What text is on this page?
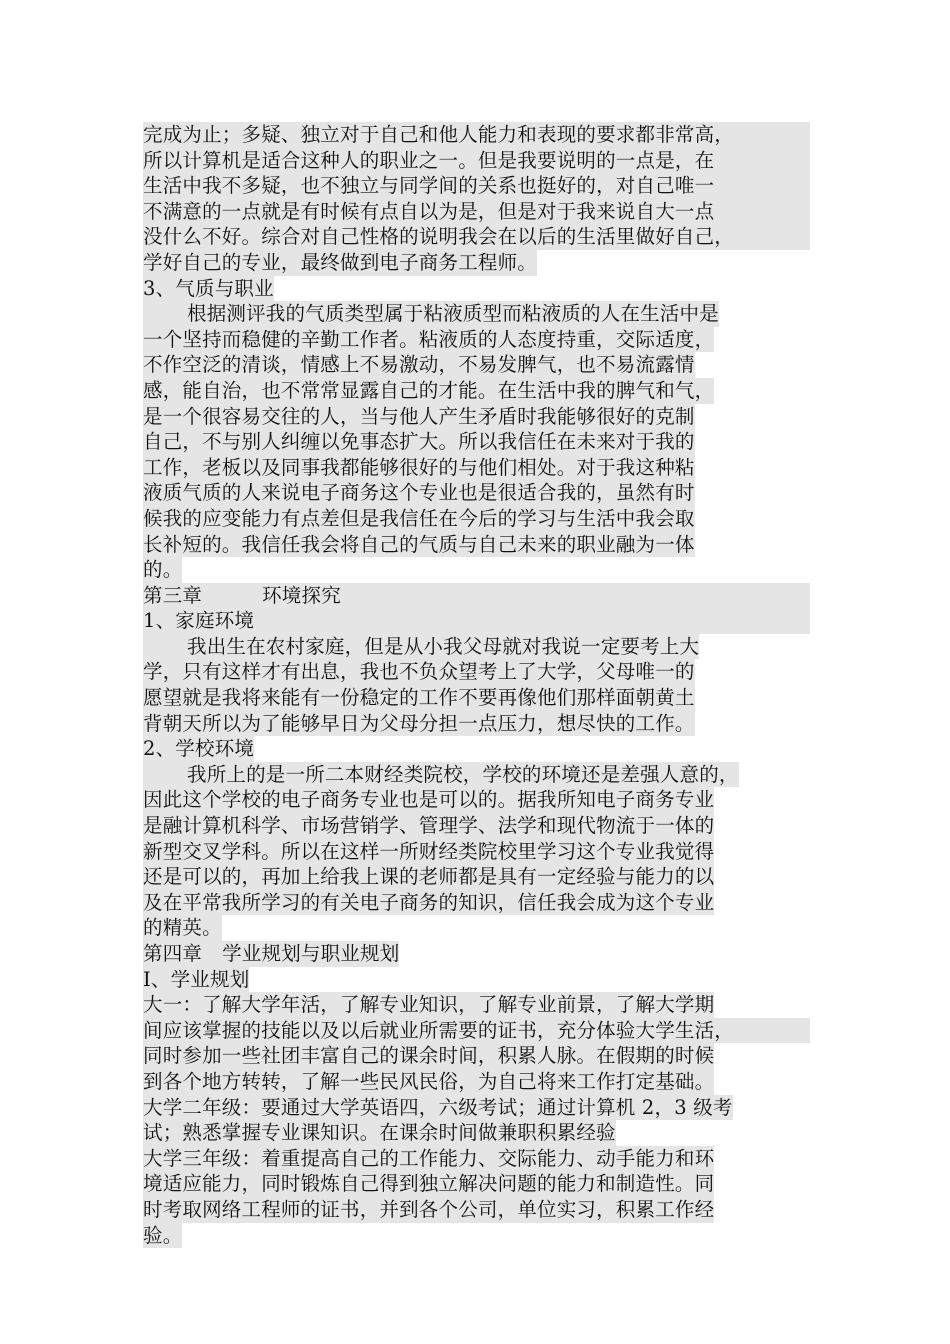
完成为止；多疑、独立对于自己和他人能力和表现的要求都非常高，
所以计算机是适合这种人的职业之一。但是我要说明的一点是，在
生活中我不多疑，也不独立与同学间的关系也挺好的，对自己唯一
不满意的一点就是有时候有点自以为是，但是对于我来说自大一点
没什么不好。综合对自己性格的说明我会在以后的生活里做好自己，
学好自己的专业，最终做到电子商务工程师。
3、气质与职业
根据测评我的气质类型属于粘液质型而粘液质的人在生活中是
一个坚持而稳健的辛勤工作者。粘液质的人态度持重，交际适度，
不作空泛的清谈，情感上不易激动，不易发脾气，也不易流露情
感，能自治，也不常常显露自己的才能。在生活中我的脾气和气，
是一个很容易交往的人，当与他人产生矛盾时我能够很好的克制
自己，不与别人纠缠以免事态扩大。所以我信任在未来对于我的
工作，老板以及同事我都能够很好的与他们相处。对于我这种粘
液质气质的人来说电子商务这个专业也是很适合我的，虽然有时
候我的应变能力有点差但是我信任在今后的学习与生活中我会取
长补短的。我信任我会将自己的气质与自己未来的职业融为一体
的。
第三章	环境探究
1、家庭环境
我出生在农村家庭，但是从小我父母就对我说一定要考上大
学，只有这样才有出息，我也不负众望考上了大学，父母唯一的
愿望就是我将来能有一份稳定的工作不要再像他们那样面朝黄土
背朝天所以为了能够早日为父母分担一点压力，想尽快的工作。
2、学校环境
我所上的是一所二本财经类院校，学校的环境还是差强人意的，
因此这个学校的电子商务专业也是可以的。据我所知电子商务专业
是融计算机科学、市场营销学、管理学、法学和现代物流于一体的
新型交叉学科。所以在这样一所财经类院校里学习这个专业我觉得
还是可以的，再加上给我上课的老师都是具有一定经验与能力的以
及在平常我所学习的有关电子商务的知识，信任我会成为这个专业
的精英。
第四章 学业规划与职业规划
I、学业规划
大一：了解大学年活，了解专业知识，了解专业前景，了解大学期
间应该掌握的技能以及以后就业所需要的证书，充分体验大学生活，
同时参加一些社团丰富自己的课余时间，积累人脉。在假期的时候
到各个地方转转，了解一些民风民俗，为自己将来工作打定基础。
大学二年级：要通过大学英语四，六级考试；通过计算机 2，3 级考
试；熟悉掌握专业课知识。在课余时间做兼职积累经验
大学三年级：着重提高自己的工作能力、交际能力、动手能力和环
境适应能力，同时锻炼自己得到独立解决问题的能力和制造性。同
时考取网络工程师的证书，并到各个公司，单位实习，积累工作经
验。
